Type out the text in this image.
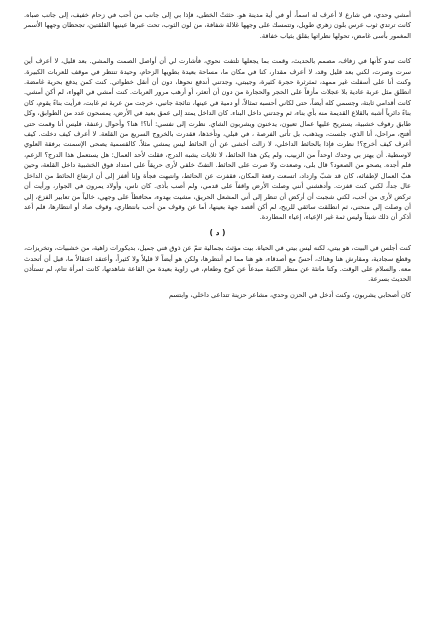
أمشي وحدي، في شارع لا أعرف له اسماً، أو في أية مدينة هو. حثثتُ الخطى، فإذا بي إلى جانب من أحب في زحام خفيف، إلى جانب صباه. كانت ترتدي ثوب عرس بلون زهري طويل، وتتمسك على وجهها غلالة شفافة، من لون الثوب، تحت عبرها عينيها القلقتين، تجحظان وجهها الأسمر المغمور بأسى غامض، تحولها نظراتها بقلق بثياب خفاقة.

كانت تبدو كأنها في زفاف، مصمم بالحديث، وقمت بما يجعلها تلتفت نحوي، فأشارت لي أن أواصل الصمت والمشي. بعد قليل، لا أعرف أين سرت وصرت، لكني بعد قليل وقد، لا أعرف مقدار، كنا في مكان ما، مساحة بعيدة بطويها الزحام، وحيدة تنتظر في موقف للعربات الكبيرة. وكنت أنا على أسفلت غير ممهد، ثمثرثرة حجرة كثيرة، وجيبتي، وجدتني أندفع نحوها، دون أن أنقل خطواتي. كنت كمن يدفع بحرية غامضة. انطلق مثل عربة عادية بلا عجلات مأزقاً على الحجر والحجارة من دون أن أتعثر، أو أرهب مرور العربات. كنت أمشي في الهواء، لم أكن أمشي. كانت أقدامي ثابتة، وجسمي كله أيضاً، حتى لكاني أحسبه تمثالاً، أو دمية في عينها، نتائجة جانبي، خرجت من عربة ثم غابت، فرأيت بناءً يقوم، كان بناءً دائرياً أشبه بالقلاع القديمة منه بأي بناء، ثم وجدتني داخل البناء. كان الداخل يمتد إلى عمق بعيد في الأرض، يمسحون عدد من الطوابق، وكل طابق رفوف خشبية، يستريح عليها عمال تعبون، يدخنون ويشربون الشاي. نظرت إلى نفسي: أنا؟! هنا؟ وأحوال زعنفة، فليس أنا وقمت حتى أفتح، مراحل، أنا الذي، جلست، ويذهب، بل تأتى الفرصة ، في قبلي، وتأخذها، فقدرت بالخروج السريع من القلعة. لا أعرف كيف دخلت. كيف أعرف كيف أخرج؟! نظرت فإذا بالحائط الداخلي، لا زالت أخشى عن أن الحائط ليس يمشي مثلاً. كالقسمية يصحى الإسمنت برفقة العلوي لاوسطية. أن يهتز بي وحدك اوحداً من الزبيب، ولم يكن هذا الحائط، لا ثلايات يشبه الدرج، فقلت لأحد العمال: هل يستعمل هذا الدرج؟ الزعم، فلم أجده. يصحو من الصعود؟ قال بلى، وصعدت ولا صرت على الحائط. التفتّ خلفي لأرى حريقاً على امتداد فوق الخشبية داخل القلعة، وحين هبّ العمال لإطفائه، كان قد شبّ وازداد، اتسعت رقعة المكان، فقفزت عن الحائط، وانتبهت فجأة وإنا أقفز إلى أن ارتفاع الحائط من الداخل عال جداً، لكني كنت قفزت. وأدهشني أنني وصلت الأرض واقفاً على قدمي، ولم أصب بأذى. كان ناس، وأولاد يمرون في الجوار، ورأيت أن تركض لأرى من أحب، لكني شجبت أن أركض أن تنظر إلى أني المشعل الحريق، مشيت بهدوء، محافظاً على وجهي، خالياً من تعابير الفزع، إلى أن وصلت إلى منحنى، ثم انطلقت سائقي للريح، لم أكن أقصد جهة بعينها، أما عن وقوف من أحب بانتظاري، وقوف صاد أو انتظارها، فلم أعد أذكر أن ذلك شيئاً وليس ثمة غير الإعياء، إعياء المطاردة.

( د )

كنت أجلس في البيت، هو بيتي، لكنه ليس بيتي في الحياة. بيت مؤثث بجمالية تنمّ عن ذوق فني جميل، بديكورات زاهية، من خشبيات، وتخريزات، وقطع سجادية، ومقارش هنا وهناك، أحسّ مع أصدقاء، هو هنا مما لم أنتظرها، ولكن هو أيضاً لا قليلاً ولا كثيراً، وأعتقد اعتقالاً ما، قبل أن أتحدث معه. والسلام على الوقت. وكنا مانئة عن منظر الكتبة مبدعاً عن كوخ وطعام، في زاوية بعيدة من القاعة شاهدتها، كانت امرأة تتام، لم تستأذن الحديث بسرعة.

كان أصحابي يشربون، وكنت أدخل في الحزن وحدي، مشاعر حزينة تتداعى داخلي، وابتسم
